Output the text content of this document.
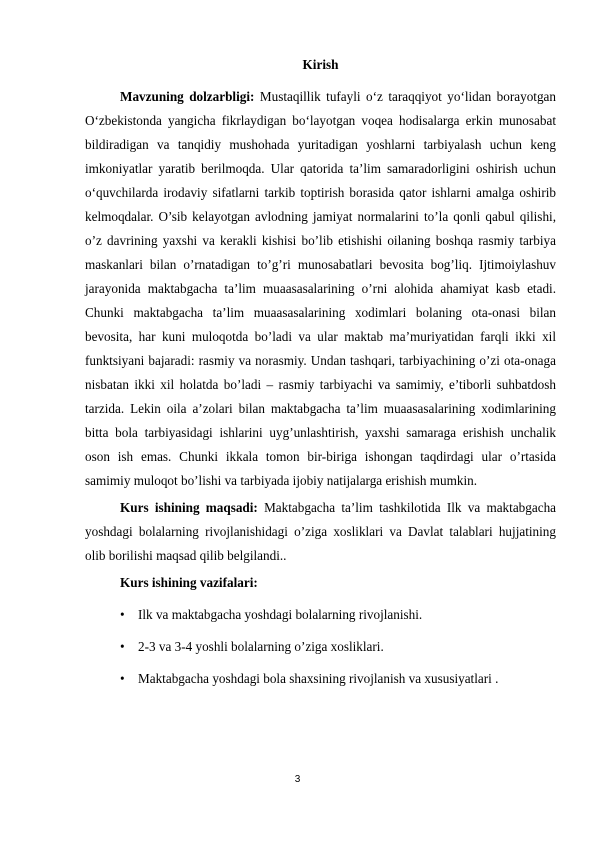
Kirish

Mavzuning dolzarbligi: Mustaqillik tufayli o‘z taraqqiyot yo‘lidan borayotgan O‘zbekistonda yangicha fikrlaydigan bo‘layotgan voqea hodisalarga erkin munosabat bildiradigan va tanqidiy mushohada yuritadigan yoshlarni tarbiyalash uchun keng imkoniyatlar yaratib berilmoqda. Ular qatorida ta’lim samaradorligini oshirish uchun o‘quvchilarda irodaviy sifatlarni tarkib toptirish borasida qator ishlarni amalga oshirib kelmoqdalar. O’sib kelayotgan avlodning jamiyat normalarini to’la qonli qabul qilishi, o’z davrining yaxshi va kerakli kishisi bo’lib etishishi oilaning boshqa rasmiy tarbiya maskanlari bilan o’rnatadigan to’g’ri munosabatlari bevosita bog’liq. Ijtimoiylashuv jarayonida maktabgacha ta’lim muaasasalarining o’rni alohida ahamiyat kasb etadi. Chunki maktabgacha ta’lim muaasasalarining xodimlari bolaning ota-onasi bilan bevosita, har kuni muloqotda bo’ladi va ular maktab ma’muriyatidan farqli ikki xil funktsiyani bajaradi: rasmiy va norasmiy. Undan tashqari, tarbiyachining o’zi ota-onaga nisbatan ikki xil holatda bo’ladi – rasmiy tarbiyachi va samimiy, e’tiborli suhbatdosh tarzida. Lekin oila a’zolari bilan maktabgacha ta’lim muaasasalarining xodimlarining bitta bola tarbiyasidagi ishlarini uyg’unlashtirish, yaxshi samaraga erishish unchalik oson ish emas. Chunki ikkala tomon bir-biriga ishongan taqdirdagi ular o’rtasida samimiy muloqot bo’lishi va tarbiyada ijobiy natijalarga erishish mumkin.

Kurs ishining maqsadi: Maktabgacha ta’lim tashkilotida Ilk va maktabgacha yoshdagi bolalarning rivojlanishidagi o’ziga xosliklari va Davlat talablari hujjatining olib borilishi maqsad qilib belgilandi..

Kurs ishining vazifalari:
•	Ilk va maktabgacha yoshdagi bolalarning rivojlanishi.
•	2-3 va 3-4 yoshli bolalarning o’ziga xosliklari.
•	Maktabgacha yoshdagi bola shaxsining rivojlanish va xususiyatlari .
3
